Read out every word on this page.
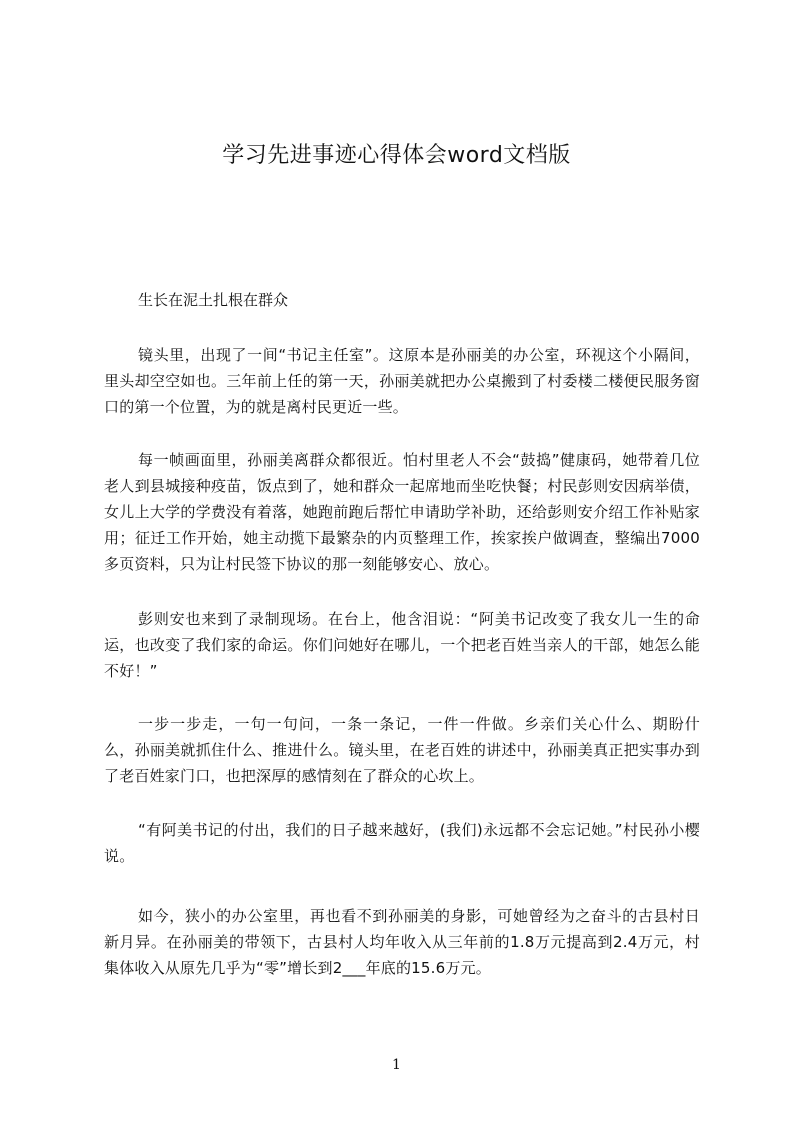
学习先进事迹心得体会word文档版

生长在泥土扎根在群众

镜头里，出现了一间“书记主任室”。这原本是孙丽美的办公室，环视这个小隔间，里头却空空如也。三年前上任的第一天，孙丽美就把办公桌搬到了村委楼二楼便民服务窗口的第一个位置，为的就是离村民更近一些。

每一帧画面里，孙丽美离群众都很近。怕村里老人不会“鼓捣”健康码，她带着几位老人到县城接种疫苗，饭点到了，她和群众一起席地而坐吃快餐；村民彭则安因病举债，女儿上大学的学费没有着落，她跑前跑后帮忙申请助学补助，还给彭则安介绍工作补贴家用；征迁工作开始，她主动揽下最繁杂的内页整理工作，挨家挨户做调查，整编出7000多页资料，只为让村民签下协议的那一刻能够安心、放心。

彭则安也来到了录制现场。在台上，他含泪说：“阿美书记改变了我女儿一生的命运，也改变了我们家的命运。你们问她好在哪儿，一个把老百姓当亲人的干部，她怎么能不好！”

一步一步走，一句一句问，一条一条记，一件一件做。乡亲们关心什么、期盼什么，孙丽美就抓住什么、推进什么。镜头里，在老百姓的讲述中，孙丽美真正把实事办到了老百姓家门口，也把深厚的感情刻在了群众的心坎上。

“有阿美书记的付出，我们的日子越来越好，(我们)永远都不会忘记她。”村民孙小樱说。

如今，狭小的办公室里，再也看不到孙丽美的身影，可她曾经为之奋斗的古县村日新月异。在孙丽美的带领下，古县村人均年收入从三年前的1.8万元提高到2.4万元，村集体收入从原先几乎为“零”增长到2___年底的15.6万元。

1
